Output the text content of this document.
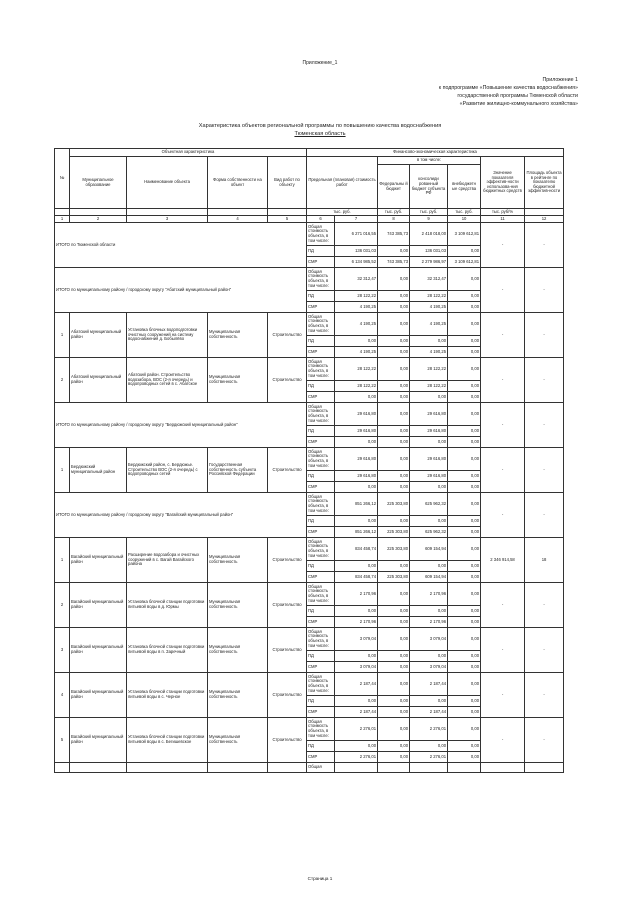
Приложение_1
Приложение 1
к подпрограмме «Повышение качества водоснабжения»
государственной программы Тюменской области
«Развитие жилищно-коммунального хозяйства»
Характеристика объектов региональной программы по повышению качества водоснабжения
Тюменская область
№	Объектная характеристика				Финансово-экономическая характеристика						
	Муниципальное образование	Наименование объекта	Форма собственности на объект	Вид работ по объекту	Предельная (плановая) стоимость работ		в том числе:			Значение показателя эффектив-ности использова-ния бюджетных средств	Площадь объекта в рейтинге по показателю бюджетной эффектив-ности
							Федеральны й бюджет	консолиди рованный бюджет субъекта РФ	внебюджетн ые средства		
					тыс. руб.		тыс. руб.	тыс. руб.	тыс. руб.	тыс. руб/%	
1	2	3	4	5	6	7	8	9	10	11	12
ИТОГО по Тюменской области					Общая стоимость объекта, в том числе:	6 271 016,55	743 385,73	2 418 018,00	3 109 612,81	-	-
					ПД	136 031,03	0,00	136 031,03	0,00		
					СМР	6 134 985,52	743 385,73	2 279 986,97	3 109 612,81		
ИТОГО по муниципальному району / городскому округу "Абатский муниципальный район"					Общая стоимость объекта, в том числе:	32 312,47	0,00	32 312,47	0,00	-	-
					ПД	28 122,22	0,00	28 122,22	0,00		
					СМР	4 190,25	0,00	4 190,25	0,00		
1	Абатский муниципальный район	Установка блочных водоподготовки очистных сооружений на систему водоснабжения д. Бобылёво	Муниципальная собственность	Строительство	Общая стоимость объекта, в том числе:	4 190,25	0,00	4 190,25	0,00	-	-
					ПД	0,00	0,00	0,00	0,00		
					СМР	4 190,25	0,00	4 190,25	0,00		
2	Абатский муниципальный район	Абатский район. Строительство водозабора, ВОС (2-я очередь) и водопроводных сетей в с. Абатское	Муниципальная собственность	Строительство	Общая стоимость объекта, в том числе:	28 122,22	0,00	28 122,22	0,00	-	-
					ПД	28 122,22	0,00	28 122,22	0,00		
					СМР	0,00	0,00	0,00	0,00		
ИТОГО по муниципальному району / городскому округу "Бердюжский муниципальный район"					Общая стоимость объекта, в том числе:	29 616,80	0,00	29 616,80	0,00	-	-
					ПД	29 616,80	0,00	29 616,80	0,00		
					СМР	0,00	0,00	0,00	0,00		
1	Бердюжский муниципальный район	Бердюжский район, с. Бердюжье. Строительство ВОС (2-я очередь) с водопроводных сетей	Государственная собственность субъекта Российской Федерации	Строительство	Общая стоимость объекта, в том числе:	29 616,80	0,00	29 616,80	0,00	-	-
					ПД	29 616,80	0,00	29 616,80	0,00		
					СМР	0,00	0,00	0,00	0,00		
ИТОГО по муниципальному району / городскому округу "Вагайский муниципальный район"					Общая стоимость объекта, в том числе:	851 266,12	225 303,80	625 962,32	0,00	-	-
					ПД	0,00	0,00	0,00	0,00		
					СМР	851 266,12	225 303,80	625 962,32	0,00		
1	Вагайский муниципальный район	Расширение водозабора и очистных сооружений в с. Вагай Вагайского района	Муниципальная собственность	Строительство	Общая стоимость объекта, в том числе:	834 458,74	225 303,80	609 154,94	0,00	2 346 914,58	18
					ПД	0,00	0,00	0,00	0,00		
					СМР	834 458,74	225 303,80	609 154,94	0,00		
2	Вагайский муниципальный район	Установка блочной станции подготовки питьевой воды в д. Юрмы	Муниципальная собственность	Строительство	Общая стоимость объекта, в том числе:	2 170,96	0,00	2 170,96	0,00	-	-
					ПД	0,00	0,00	0,00	0,00		
					СМР	2 170,96	0,00	2 170,96	0,00		
3	Вагайский муниципальный район	Установка блочной станции подготовки питьевой воды в п. Заречный	Муниципальная собственность	Строительство	Общая стоимость объекта, в том числе:	3 079,04	0,00	3 079,04	0,00	-	-
					ПД	0,00	0,00	0,00	0,00		
					СМР	3 079,04	0,00	3 079,04	0,00		
4	Вагайский муниципальный район	Установка блочной станции подготовки питьевой воды в с. Черное	Муниципальная собственность	Строительство	Общая стоимость объекта, в том числе:	2 187,44	0,00	2 187,44	0,00	-	-
					ПД	0,00	0,00	0,00	0,00		
					СМР	2 187,44	0,00	2 187,44	0,00		
5	Вагайский муниципальный район	Установка блочной станции подготовки питьевой воды в с. Бегишевское	Муниципальная собственность	Строительство	Общая стоимость объекта, в том числе:	2 276,01	0,00	2 276,01	0,00	-	-
					ПД	0,00	0,00	0,00	0,00		
					СМР	2 276,01	0,00	2 276,01	0,00		
					Общая						
Страница 1
